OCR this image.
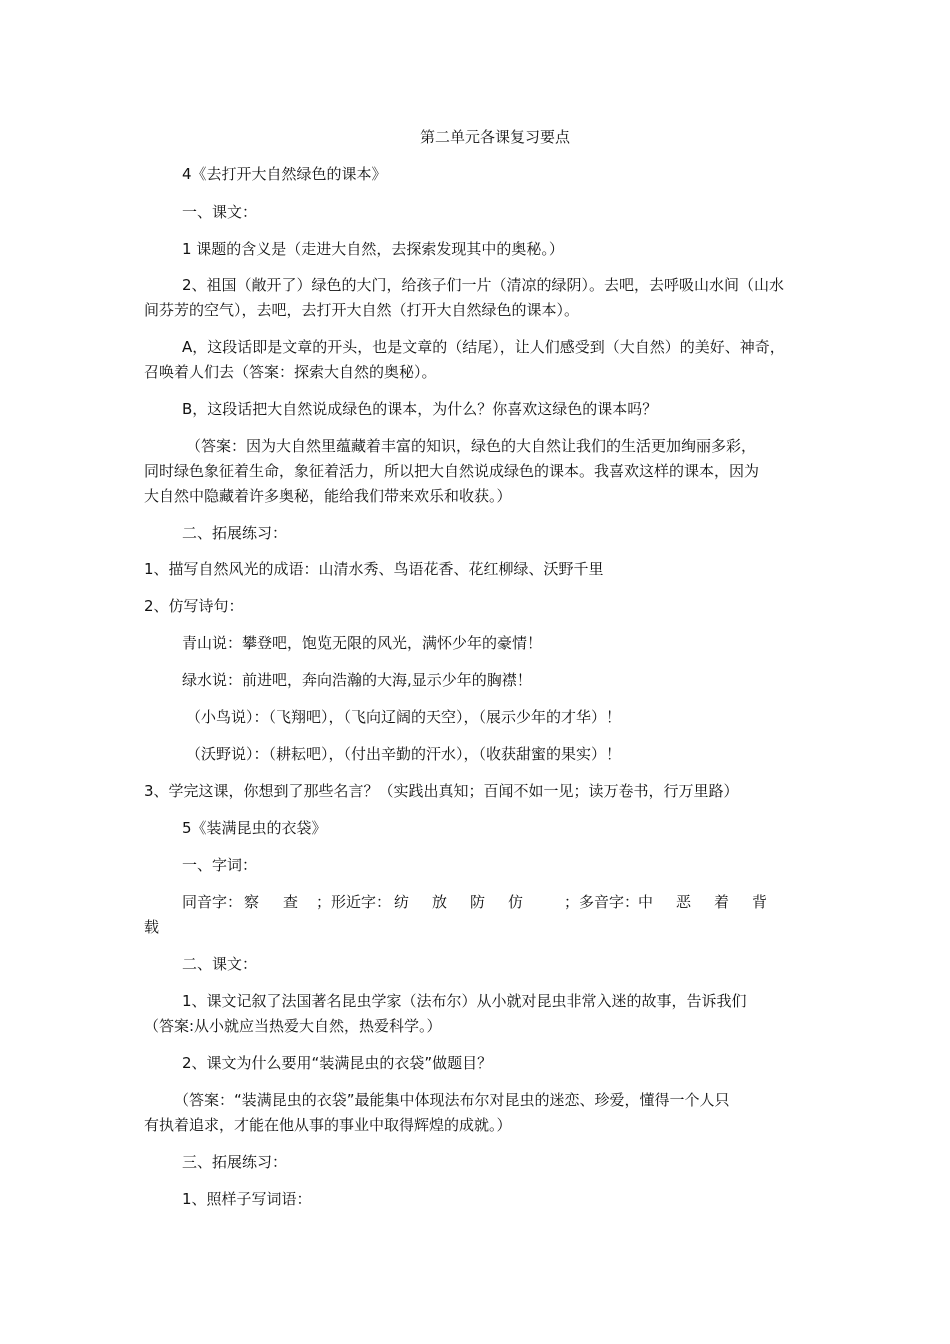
第二单元各课复习要点
4《去打开大自然绿色的课本》
一、课文：
1 课题的含义是（走进大自然，去探索发现其中的奥秘。）
2、祖国（敞开了）绿色的大门，给孩子们一片（清凉的绿阴）。去吧，去呼吸山水间（山水
间芬芳的空气），去吧，去打开大自然（打开大自然绿色的课本）。
A，这段话即是文章的开头，也是文章的（结尾），让人们感受到（大自然）的美好、神奇，
召唤着人们去（答案：探索大自然的奥秘）。
B，这段话把大自然说成绿色的课本，为什么？你喜欢这绿色的课本吗？
（答案：因为大自然里蕴藏着丰富的知识，绿色的大自然让我们的生活更加绚丽多彩，
同时绿色象征着生命，象征着活力，所以把大自然说成绿色的课本。我喜欢这样的课本，因为
大自然中隐藏着许多奥秘，能给我们带来欢乐和收获。）
二、拓展练习：
1、描写自然风光的成语：山清水秀、鸟语花香、花红柳绿、沃野千里
2、仿写诗句：
青山说：攀登吧，饱览无限的风光，满怀少年的豪情！
绿水说：前进吧，奔向浩瀚的大海,显示少年的胸襟！
（小鸟说）：（飞翔吧），（飞向辽阔的天空），（展示少年的才华）！
（沃野说）：（耕耘吧），（付出辛勤的汗水），（收获甜蜜的果实）！
3、学完这课，你想到了那些名言？（实践出真知；百闻不如一见；读万卷书，行万里路）
5《装满昆虫的衣袋》
一、字词：
同音字： 察 查 ；形近字： 纺 放 防 仿	；多音字：
中 恶 着 背
载
二、课文：
1、课文记叙了法国著名昆虫学家（法布尔）从小就对昆虫非常入迷的故事，告诉我们
（答案:从小就应当热爱大自然，热爱科学。）
2、课文为什么要用“装满昆虫的衣袋”做题目？
（答案：“装满昆虫的衣袋”最能集中体现法布尔对昆虫的迷恋、珍爱，懂得一个人只
有执着追求，才能在他从事的事业中取得辉煌的成就。）
三、拓展练习：
1、照样子写词语：
